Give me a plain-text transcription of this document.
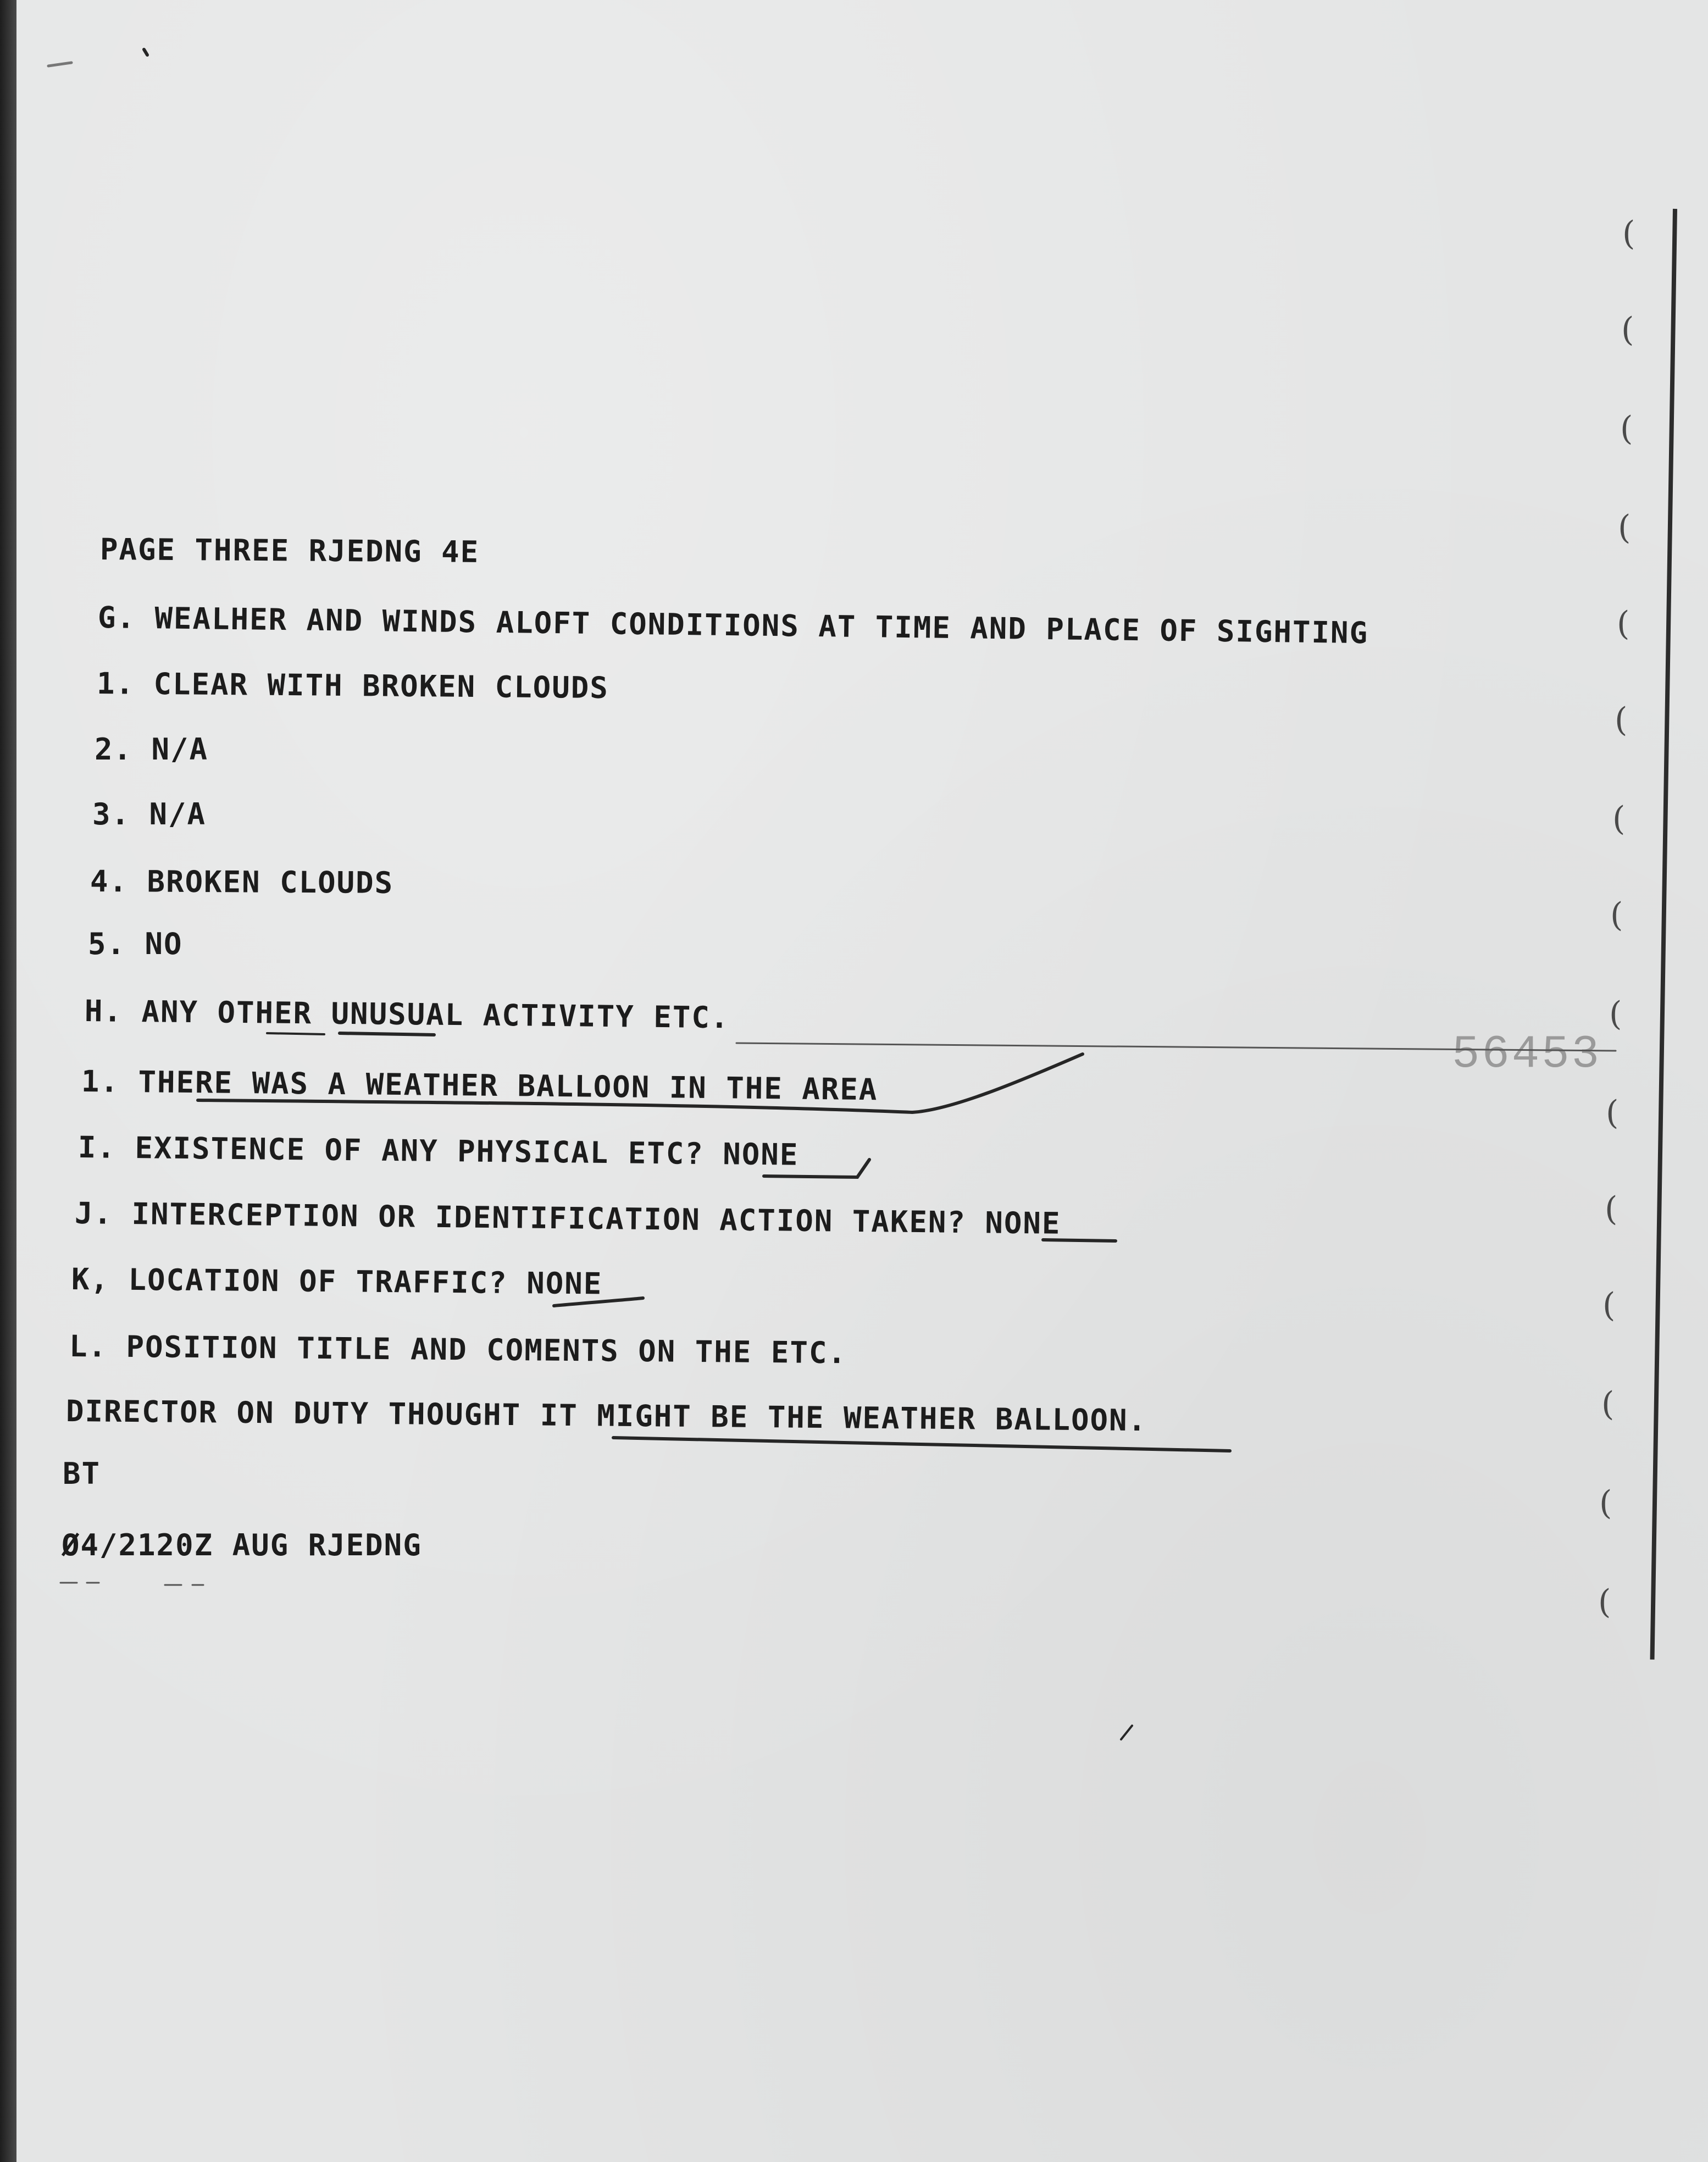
PAGE THREE RJEDNG 4E
G. WEALHER AND WINDS ALOFT CONDITIONS AT TIME AND PLACE OF SIGHTING
1. CLEAR WITH BROKEN CLOUDS
2. N/A
3. N/A
4. BROKEN CLOUDS
5. NO
H. ANY OTHER UNUSUAL ACTIVITY ETC.
1. THERE WAS A WEATHER BALLOON IN THE AREA
I. EXISTENCE OF ANY PHYSICAL ETC? NONE
J. INTERCEPTION OR IDENTIFICATION ACTION TAKEN? NONE
K, LOCATION OF TRAFFIC? NONE
L. POSITION TITLE AND COMENTS ON THE ETC.
DIRECTOR ON DUTY THOUGHT IT MIGHT BE THE WEATHER BALLOON.
BT
Ø4/2120Z AUG RJEDNG
56453
(
(
(
(
(
(
(
(
(
(
(
(
(
(
(
